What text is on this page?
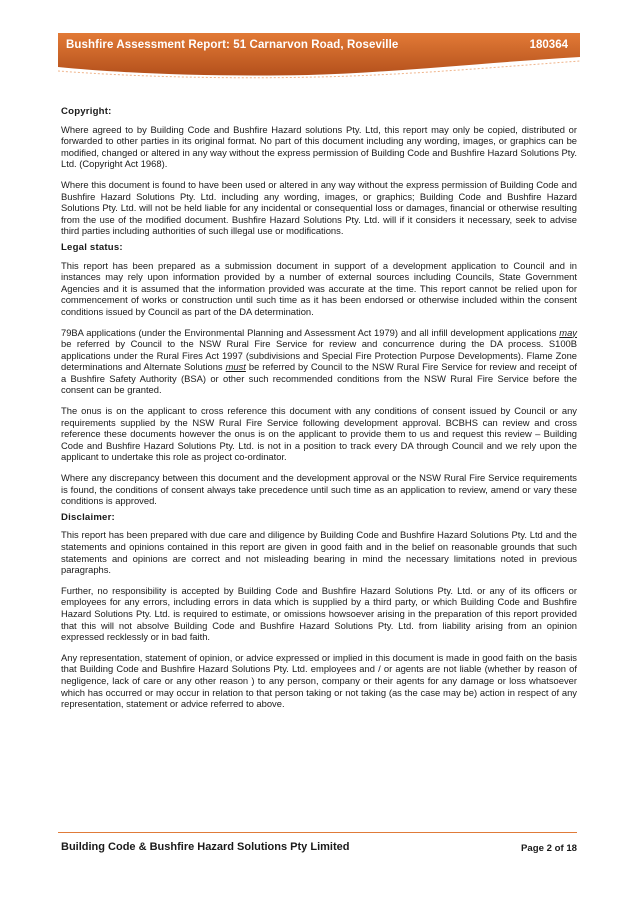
Bushfire Assessment Report: 51 Carnarvon Road, Roseville	180364
Copyright:

Where agreed to by Building Code and Bushfire Hazard solutions Pty. Ltd, this report may only be copied, distributed or forwarded to other parties in its original format. No part of this document including any wording, images, or graphics can be modified, changed or altered in any way without the express permission of Building Code and Bushfire Hazard Solutions Pty. Ltd. (Copyright Act 1968).

Where this document is found to have been used or altered in any way without the express permission of Building Code and Bushfire Hazard Solutions Pty. Ltd. including any wording, images, or graphics; Building Code and Bushfire Hazard Solutions Pty. Ltd. will not be held liable for any incidental or consequential loss or damages, financial or otherwise resulting from the use of the modified document. Bushfire Hazard Solutions Pty. Ltd. will if it considers it necessary, seek to advise third parties including authorities of such illegal use or modifications.

Legal status:

This report has been prepared as a submission document in support of a development application to Council and in instances may rely upon information provided by a number of external sources including Councils, State Government Agencies and it is assumed that the information provided was accurate at the time. This report cannot be relied upon for commencement of works or construction until such time as it has been endorsed or otherwise included within the consent conditions issued by Council as part of the DA determination.

79BA applications (under the Environmental Planning and Assessment Act 1979) and all infill development applications may be referred by Council to the NSW Rural Fire Service for review and concurrence during the DA process. S100B applications under the Rural Fires Act 1997 (subdivisions and Special Fire Protection Purpose Developments). Flame Zone determinations and Alternate Solutions must be referred by Council to the NSW Rural Fire Service for review and receipt of a Bushfire Safety Authority (BSA) or other such recommended conditions from the NSW Rural Fire Service before the consent can be granted.

The onus is on the applicant to cross reference this document with any conditions of consent issued by Council or any requirements supplied by the NSW Rural Fire Service following development approval. BCBHS can review and cross reference these documents however the onus is on the applicant to provide them to us and request this review – Building Code and Bushfire Hazard Solutions Pty. Ltd. is not in a position to track every DA through Council and we rely upon the applicant to undertake this role as project co-ordinator.

Where any discrepancy between this document and the development approval or the NSW Rural Fire Service requirements is found, the conditions of consent always take precedence until such time as an application to review, amend or vary these conditions is approved.

Disclaimer:

This report has been prepared with due care and diligence by Building Code and Bushfire Hazard Solutions Pty. Ltd and the statements and opinions contained in this report are given in good faith and in the belief on reasonable grounds that such statements and opinions are correct and not misleading bearing in mind the necessary limitations noted in previous paragraphs.

Further, no responsibility is accepted by Building Code and Bushfire Hazard Solutions Pty. Ltd. or any of its officers or employees for any errors, including errors in data which is supplied by a third party, or which Building Code and Bushfire Hazard Solutions Pty. Ltd. is required to estimate, or omissions howsoever arising in the preparation of this report provided that this will not absolve Building Code and Bushfire Hazard Solutions Pty. Ltd. from liability arising from an opinion expressed recklessly or in bad faith.

Any representation, statement of opinion, or advice expressed or implied in this document is made in good faith on the basis that Building Code and Bushfire Hazard Solutions Pty. Ltd. employees and / or agents are not liable (whether by reason of negligence, lack of care or any other reason ) to any person, company or their agents for any damage or loss whatsoever which has occurred or may occur in relation to that person taking or not taking (as the case may be) action in respect of any representation, statement or advice referred to above.

Building Code & Bushfire Hazard Solutions Pty Limited	Page 2 of 18
